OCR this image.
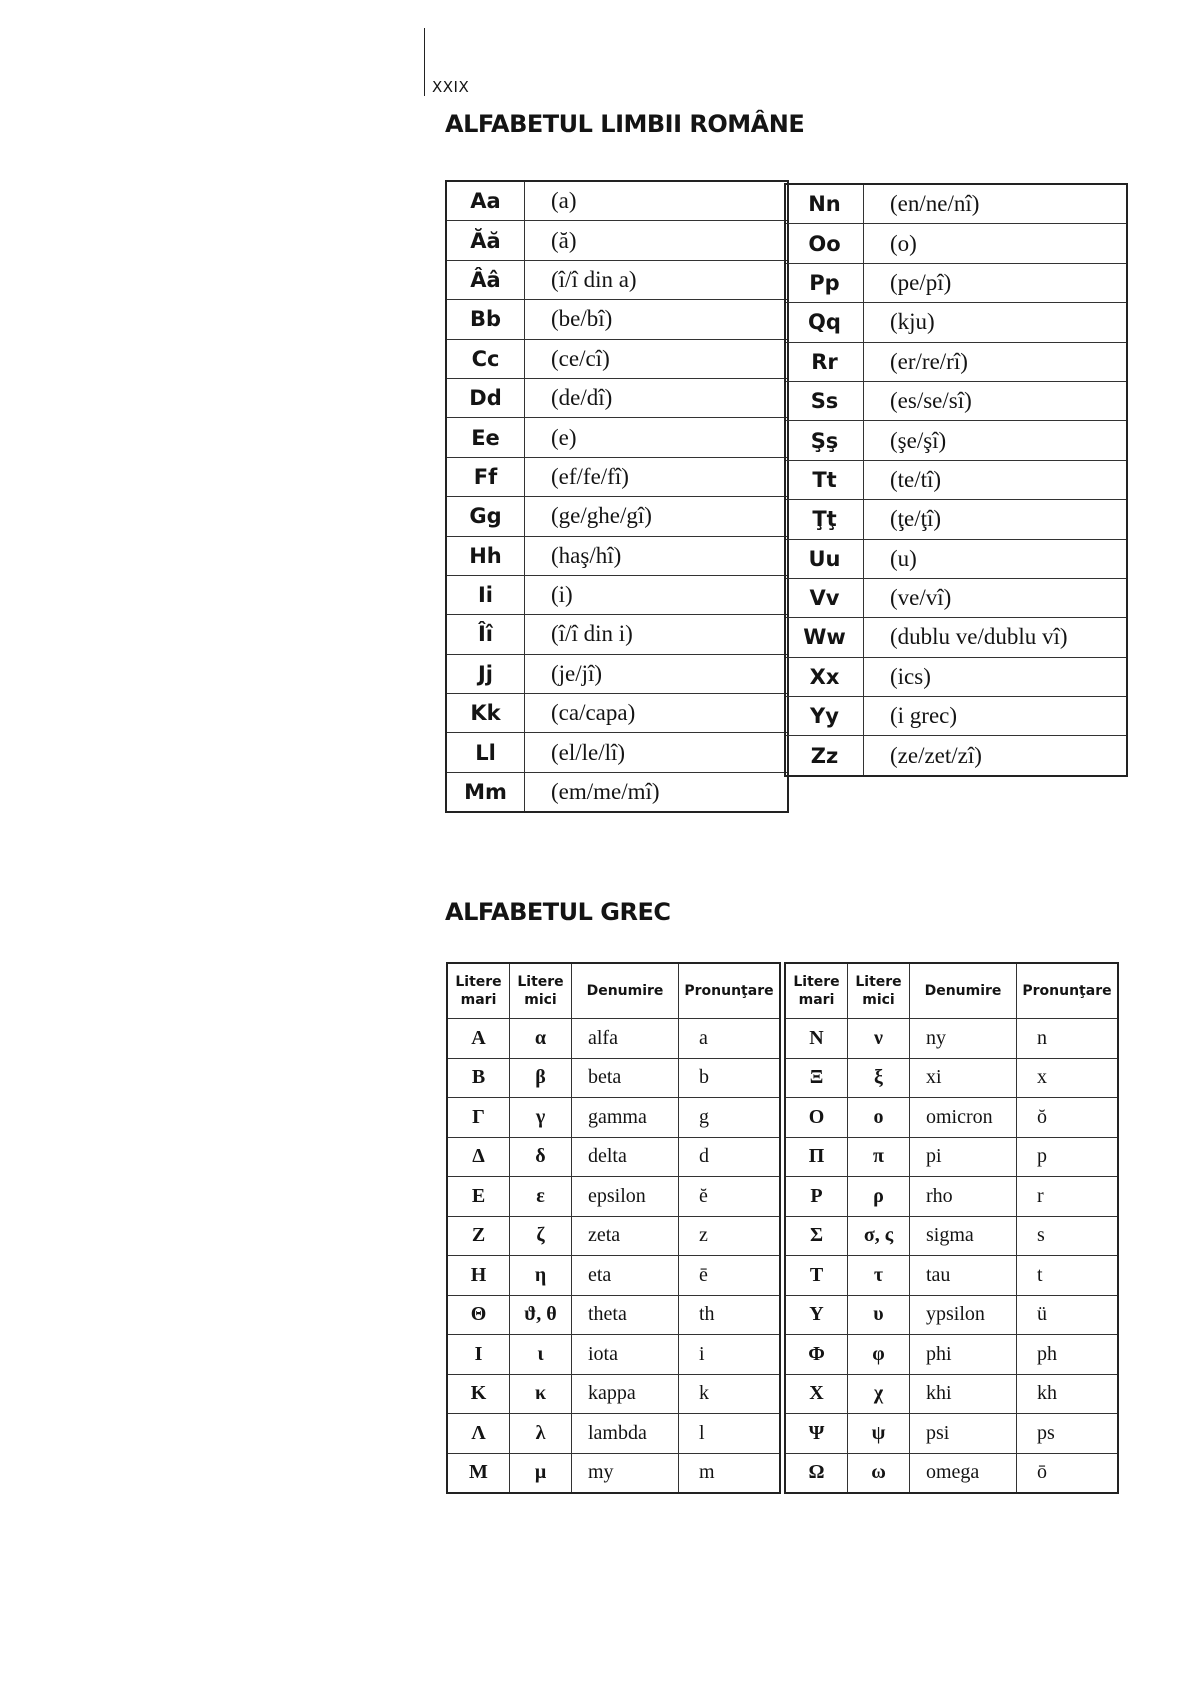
XXIX
ALFABETUL LIMBII ROMÂNE
Aa	(a)
Ăă	(ă)
Ââ	(î/î din a)
Bb	(be/bî)
Cc	(ce/cî)
Dd	(de/dî)
Ee	(e)
Ff	(ef/fe/fî)
Gg	(ge/ghe/gî)
Hh	(haş/hî)
Ii	(i)
Îî	(î/î din i)
Jj	(je/jî)
Kk	(ca/capa)
Ll	(el/le/lî)
Mm	(em/me/mî)
Nn	(en/ne/nî)
Oo	(o)
Pp	(pe/pî)
Qq	(kju)
Rr	(er/re/rî)
Ss	(es/se/sî)
Şş	(şe/şî)
Tt	(te/tî)
Ţţ	(ţe/ţî)
Uu	(u)
Vv	(ve/vî)
Ww	(dublu ve/dublu vî)
Xx	(ics)
Yy	(i grec)
Zz	(ze/zet/zî)
ALFABETUL GREC
Litere mari	Litere mici	Denumire	Pronunţare
Α	α	alfa	a
Β	β	beta	b
Γ	γ	gamma	g
Δ	δ	delta	d
Ε	ε	epsilon	ĕ
Ζ	ζ	zeta	z
Η	η	eta	ē
Θ	ϑ, θ	theta	th
Ι	ι	iota	i
Κ	κ	kappa	k
Λ	λ	lambda	l
Μ	μ	my	m
Litere mari	Litere mici	Denumire	Pronunţare
Ν	ν	ny	n
Ξ	ξ	xi	x
Ο	ο	omicron	ŏ
Π	π	pi	p
Ρ	ρ	rho	r
Σ	σ, ς	sigma	s
Τ	τ	tau	t
Υ	υ	ypsilon	ü
Φ	φ	phi	ph
Χ	χ	khi	kh
Ψ	ψ	psi	ps
Ω	ω	omega	ō
